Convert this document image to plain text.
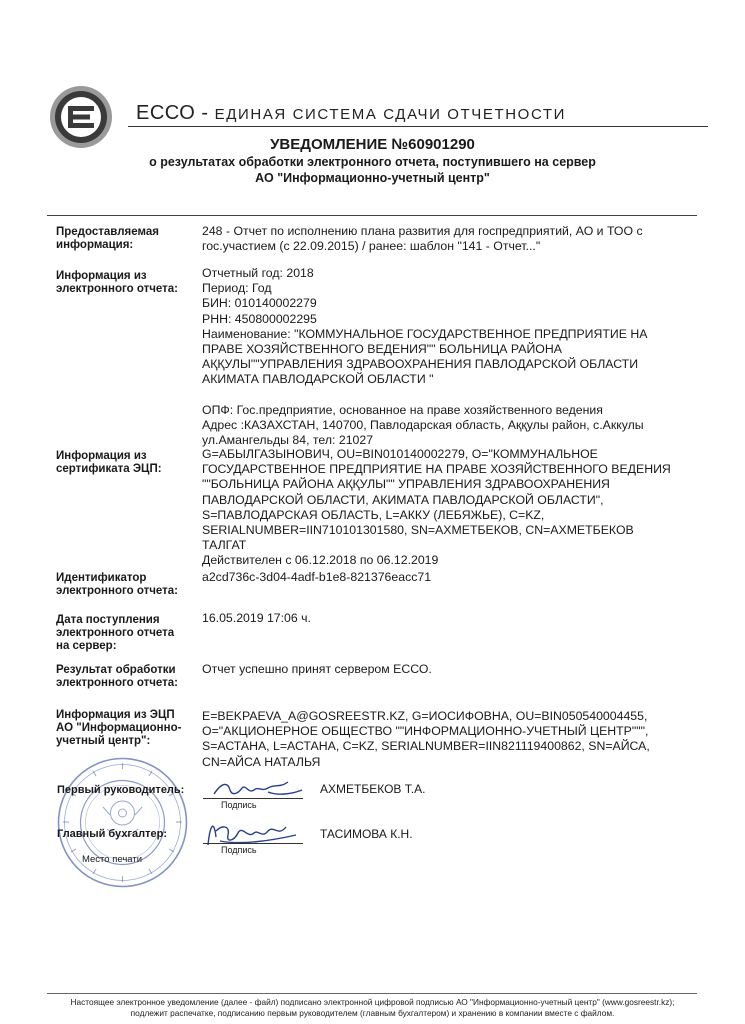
ЕССО - ЕДИНАЯ СИСТЕМА СДАЧИ ОТЧЕТНОСТИ
УВЕДОМЛЕНИЕ №60901290
о результатах обработки электронного отчета, поступившего на сервер
АО "Информационно-учетный центр"
Предоставляемая
информация:
248 - Отчет по исполнению плана развития для госпредприятий, АО и ТОО с
гос.участием (с 22.09.2015) / ранее: шаблон "141 - Отчет..."
Информация из
электронного отчета:
Отчетный год: 2018
Период: Год
БИН: 010140002279
РНН: 450800002295
Наименование: "КОММУНАЛЬНОЕ ГОСУДАРСТВЕННОЕ ПРЕДПРИЯТИЕ НА
ПРАВЕ ХОЗЯЙСТВЕННОГО ВЕДЕНИЯ"" БОЛЬНИЦА РАЙОНА
АҚҚУЛЫ""УПРАВЛЕНИЯ ЗДРАВООХРАНЕНИЯ ПАВЛОДАРСКОЙ ОБЛАСТИ
АКИМАТА ПАВЛОДАРСКОЙ ОБЛАСТИ "
ОПФ: Гос.предприятие, основанное на праве хозяйственного ведения
Адрес :КАЗАХСТАН, 140700, Павлодарская область, Аққулы район, с.Аккулы
ул.Амангельды 84, тел: 21027
Информация из
сертификата ЭЦП:
G=АБЫЛГАЗЫНОВИЧ, OU=BIN010140002279, O="КОММУНАЛЬНОЕ
ГОСУДАРСТВЕННОЕ ПРЕДПРИЯТИЕ НА ПРАВЕ ХОЗЯЙСТВЕННОГО ВЕДЕНИЯ
""БОЛЬНИЦА РАЙОНА АҚҚУЛЫ"" УПРАВЛЕНИЯ ЗДРАВООХРАНЕНИЯ
ПАВЛОДАРСКОЙ ОБЛАСТИ, АКИМАТА ПАВЛОДАРСКОЙ ОБЛАСТИ",
S=ПАВЛОДАРСКАЯ ОБЛАСТЬ, L=АККУ (ЛЕБЯЖЬЕ), C=KZ,
SERIALNUMBER=IIN710101301580, SN=АХМЕТБЕКОВ, CN=АХМЕТБЕКОВ
ТАЛГАТ
Действителен с 06.12.2018 по 06.12.2019
Идентификатор
электронного отчета:
a2cd736c-3d04-4adf-b1e8-821376eacc71
Дата поступления
электронного отчета
на сервер:
16.05.2019 17:06 ч.
Результат обработки
электронного отчета:
Отчет успешно принят сервером ЕССО.
Информация из ЭЦП
АО "Информационно-
учетный центр":
E=BEKPAEVA_A@GOSREESTR.KZ, G=ИОСИФОВНА, OU=BIN050540004455,
O="АКЦИОНЕРНОЕ ОБЩЕСТВО ""ИНФОРМАЦИОННО-УЧЕТНЫЙ ЦЕНТР""",
S=АСТАНА, L=АСТАНА, C=KZ, SERIALNUMBER=IIN821119400862, SN=АЙСА,
CN=АЙСА НАТАЛЬЯ
Первый руководитель:
Подпись
АХМЕТБЕКОВ Т.А.
Главный бухгалтер:
Подпись
ТАСИМОВА К.Н.
Место печати
Настоящее электронное уведомление (далее - файл) подписано электронной цифровой подписью АО "Информационно-учетный центр" (www.gosreestr.kz);
подлежит распечатке, подписанию первым руководителем (главным бухгалтером) и хранению в компании вместе с файлом.
